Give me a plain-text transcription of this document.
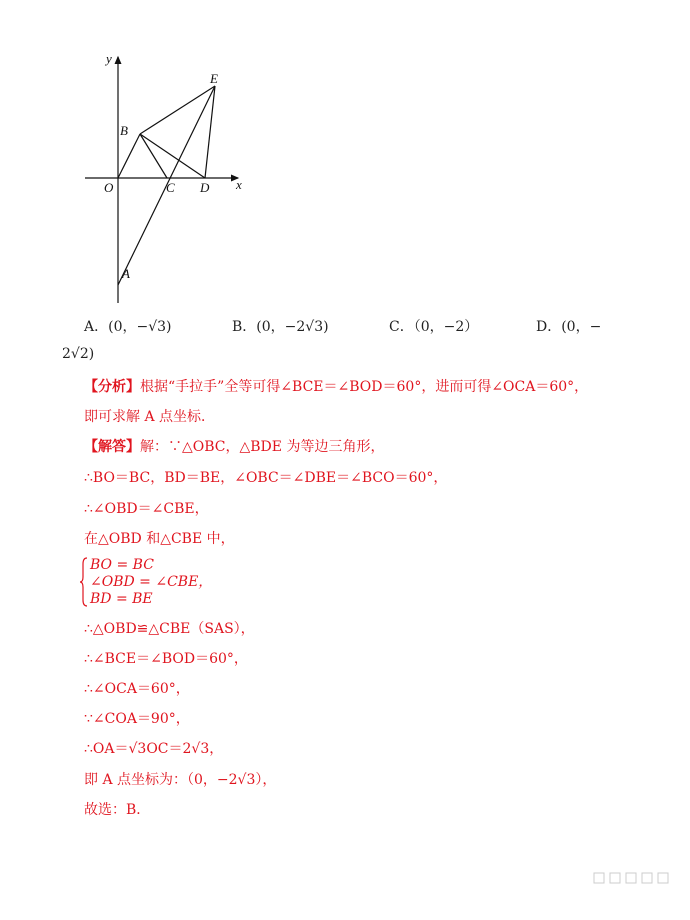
y
x
E
B
O	C D
A
A．(0，−√3)	B．(0，−2√3)	C．（0，−2）	D．(0，−
2√2)
【分析】根据“手拉手”全等可得∠BCE＝∠BOD＝60°，进而可得∠OCA＝60°，
即可求解 A 点坐标．
【解答】解：∵△OBC，△BDE 为等边三角形，
∴BO＝BC，BD＝BE，∠OBC＝∠DBE＝∠BCO＝60°，
∴∠OBD＝∠CBE，
在△OBD 和△CBE 中，
BO = BC
∠OBD = ∠CBE，
BD = BE
∴△OBD≌△CBE（SAS），
∴∠BCE＝∠BOD＝60°，
∴∠OCA＝60°，
∵∠COA＝90°，
∴OA＝√3OC＝2√3，
即 A 点坐标为：（0，−2√3），
故选：B．
